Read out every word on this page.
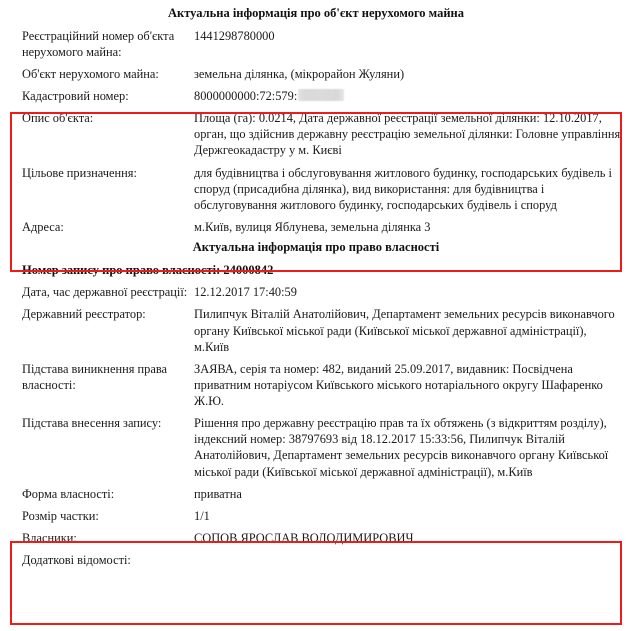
Актуальна інформація про об'єкт нерухомого майна
Реєстраційний номер об'єкта нерухомого майна:	1441298780000
Об'єкт нерухомого майна:	земельна ділянка, (мікрорайон Жуляни)
Кадастровий номер:	8000000000:72:579:
Опис об'єкта:	Площа (га): 0.0214, Дата державної реєстрації земельної ділянки: 12.10.2017, орган, що здійснив державну реєстрацію земельної ділянки: Головне управління Держгеокадастру у м. Києві
Цільове призначення:	для будівництва і обслуговування житлового будинку, господарських будівель і споруд (присадибна ділянка), вид використання: для будівництва і обслуговування житлового будинку, господарських будівель і споруд
Адреса:	м.Київ, вулиця Яблунева, земельна ділянка 3
Актуальна інформація про право власності
Номер запису про право власності: 24000842
Дата, час державної реєстрації:	12.12.2017 17:40:59
Державний реєстратор:	Пилипчук Віталій Анатолійович, Департамент земельних ресурсів виконавчого органу Київської міської ради (Київської міської державної адміністрації), м.Київ
Підстава виникнення права власності:	ЗАЯВА, серія та номер: 482, виданий 25.09.2017, видавник: Посвідчена приватним нотаріусом Київського міського нотаріального округу Шафаренко Ж.Ю.
Підстава внесення запису:	Рішення про державну реєстрацію прав та їх обтяжень (з відкриттям розділу), індексний номер: 38797693 від 18.12.2017 15:33:56, Пилипчук Віталій Анатолійович, Департамент земельних ресурсів виконавчого органу Київської міської ради (Київської міської державної адміністрації), м.Київ
Форма власності:	приватна
Розмір частки:	1/1
Власники:	СОПОВ ЯРОСЛАВ ВОЛОДИМИРОВИЧ
Додаткові відомості:	
